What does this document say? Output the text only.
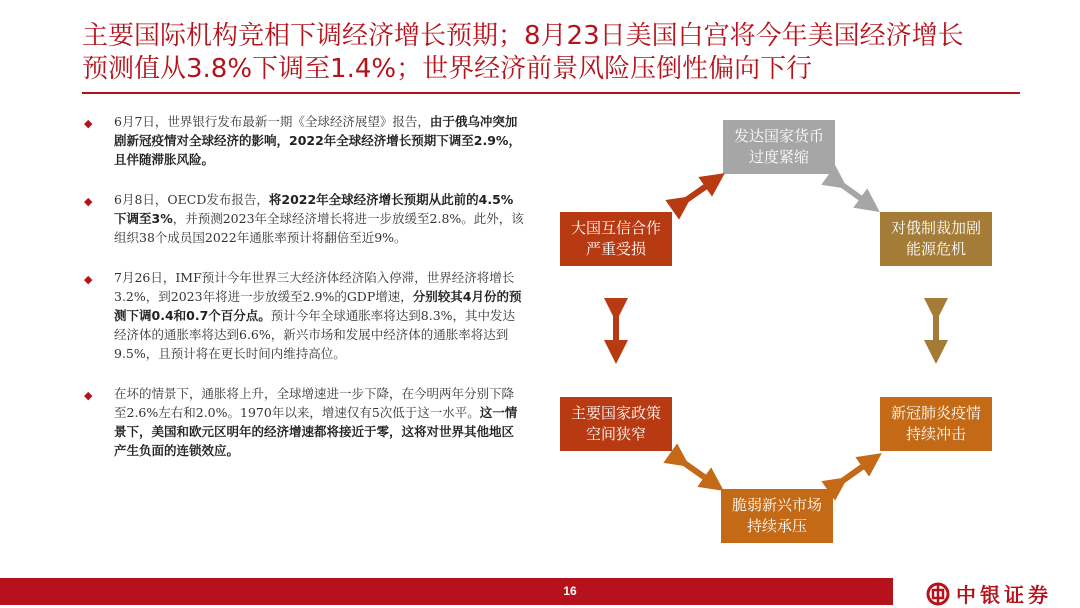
主要国际机构竞相下调经济增长预期；8月23日美国白宫将今年美国经济增长
预测值从3.8%下调至1.4%；世界经济前景风险压倒性偏向下行
◆ 6月7日，世界银行发布最新一期《全球经济展望》报告，由于俄乌冲突加剧新冠疫情对全球经济的影响，2022年全球经济增长预期下调至2.9%，且伴随滞胀风险。
◆ 6月8日，OECD发布报告，将2022年全球经济增长预期从此前的4.5%下调至3%，并预测2023年全球经济增长将进一步放缓至2.8%。此外，该组织38个成员国2022年通胀率预计将翻倍至近9%。
◆ 7月26日，IMF预计今年世界三大经济体经济陷入停滞，世界经济将增长3.2%，到2023年将进一步放缓至2.9%的GDP增速，分别较其4月份的预测下调0.4和0.7个百分点。预计今年全球通胀率将达到8.3%，其中发达经济体的通胀率将达到6.6%，新兴市场和发展中经济体的通胀率将达到9.5%，且预计将在更长时间内维持高位。
◆ 在坏的情景下，通胀将上升，全球增速进一步下降，在今明两年分别下降至2.6%左右和2.0%。1970年以来，增速仅有5次低于这一水平。这一情景下，美国和欧元区明年的经济增速都将接近于零，这将对世界其他地区产生负面的连锁效应。
发达国家货币过度紧缩
对俄制裁加剧能源危机
新冠肺炎疫情持续冲击
脆弱新兴市场持续承压
主要国家政策空间狭窄
大国互信合作严重受损
16	中银证券
